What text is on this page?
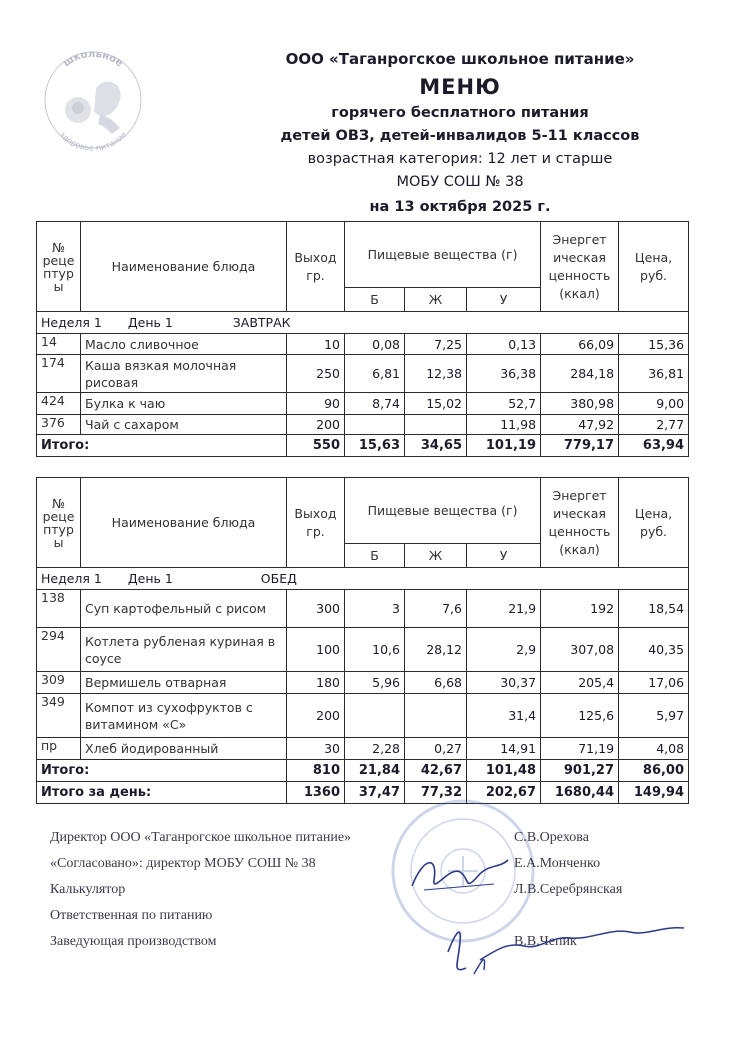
школьное
здоровое питание
ООО «Таганрогское школьное питание»
МЕНЮ
горячего бесплатного питания
детей ОВЗ, детей-инвалидов 5-11 классов
возрастная категория: 12 лет и старше
МОБУ СОШ № 38
на 13 октября 2025 г.
№ реце птур ы	Наименование блюда	Выход гр.	Пищевые вещества (г)			Энергет ическая ценность (ккал)	Цена, руб.
			Б	Ж	У		

Неделя 1 День 1 ЗАВТРАК							

14	Масло сливочное	10	0,08	7,25	0,13	66,09	15,36
174	Каша вязкая молочная рисовая	250	6,81	12,38	36,38	284,18	36,81
424	Булка к чаю	90	8,74	15,02	52,7	380,98	9,00
376	Чай с сахаром	200			11,98	47,92	2,77
Итого:		550	15,63	34,65	101,19	779,17	63,94
№ реце птур ы	Наименование блюда	Выход гр.	Пищевые вещества (г)			Энергет ическая ценность (ккал)	Цена, руб.
			Б	Ж	У		

Неделя 1 День 1 ОБЕД							

138	Суп картофельный с рисом	300	3	7,6	21,9	192	18,54
294	Котлета рубленая куриная в соусе	100	10,6	28,12	2,9	307,08	40,35
309	Вермишель отварная	180	5,96	6,68	30,37	205,4	17,06
349	Компот из сухофруктов с витамином «С»	200			31,4	125,6	5,97
пр	Хлеб йодированный	30	2,28	0,27	14,91	71,19	4,08
Итого:		810	21,84	42,67	101,48	901,27	86,00
Итого за день:		1360	37,47	77,32	202,67	1680,44	149,94
Директор ООО «Таганрогское школьное питание»	С.В.Орехова
«Согласовано»: директор МОБУ СОШ № 38	Е.А.Монченко
Калькулятор	Л.В.Серебрянская
Ответственная по питанию
Заведующая производством	В.В.Чепик
